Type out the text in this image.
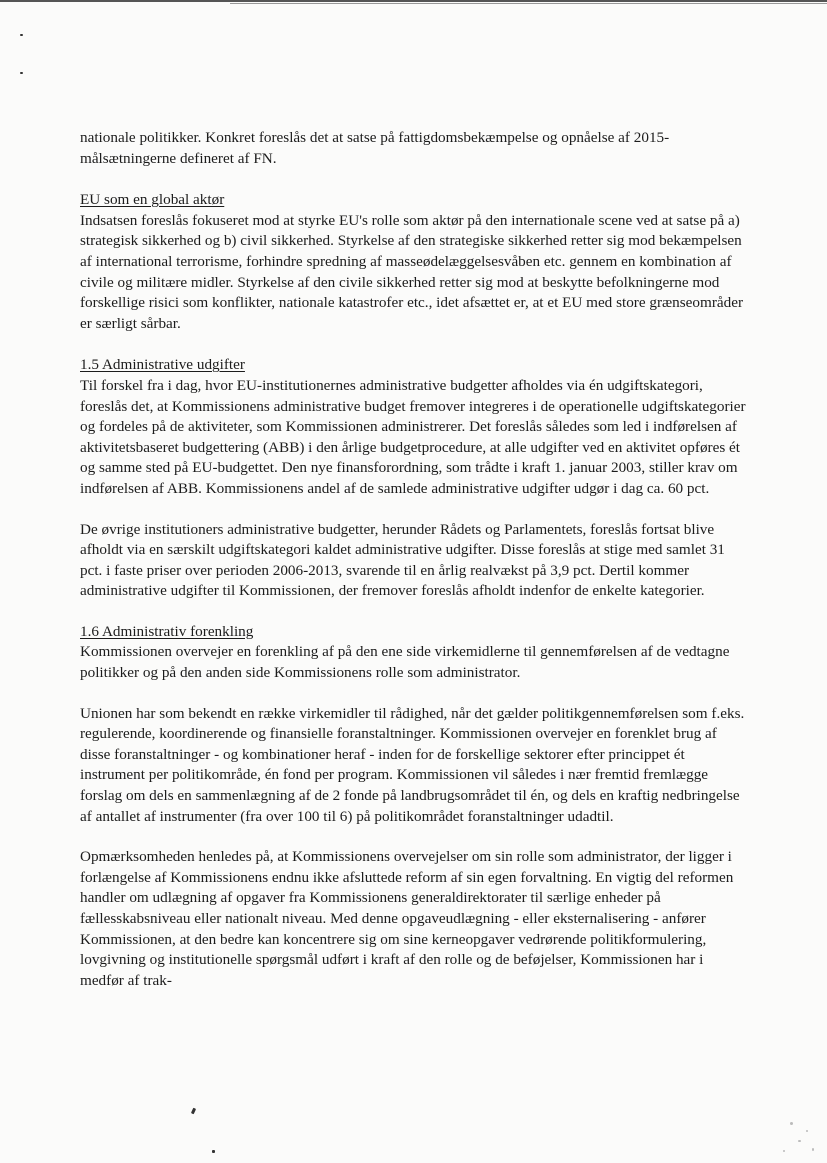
nationale politikker. Konkret foreslås det at satse på fattigdomsbekæmpelse og opnåelse af 2015-målsætningerne defineret af FN.

EU som en global aktør

Indsatsen foreslås fokuseret mod at styrke EU's rolle som aktør på den internationale scene ved at satse på a) strategisk sikkerhed og b) civil sikkerhed. Styrkelse af den strategiske sikkerhed retter sig mod bekæmpelsen af international terrorisme, forhindre spredning af masseødelæggelsesvåben etc. gennem en kombination af civile og militære midler. Styrkelse af den civile sikkerhed retter sig mod at beskytte befolkningerne mod forskellige risici som konflikter, nationale katastrofer etc., idet afsættet er, at et EU med store grænseområder er særligt sårbar.

1.5 Administrative udgifter

Til forskel fra i dag, hvor EU-institutionernes administrative budgetter afholdes via én udgiftskategori, foreslås det, at Kommissionens administrative budget fremover integreres i de operationelle udgiftskategorier og fordeles på de aktiviteter, som Kommissionen administrerer. Det foreslås således som led i indførelsen af aktivitetsbaseret budgettering (ABB) i den årlige budgetprocedure, at alle udgifter ved en aktivitet opføres ét og samme sted på EU-budgettet. Den nye finansforordning, som trådte i kraft 1. januar 2003, stiller krav om indførelsen af ABB. Kommissionens andel af de samlede administrative udgifter udgør i dag ca. 60 pct.

De øvrige institutioners administrative budgetter, herunder Rådets og Parlamentets, foreslås fortsat blive afholdt via en særskilt udgiftskategori kaldet administrative udgifter. Disse foreslås at stige med samlet 31 pct. i faste priser over perioden 2006-2013, svarende til en årlig realvækst på 3,9 pct. Dertil kommer administrative udgifter til Kommissionen, der fremover foreslås afholdt indenfor de enkelte kategorier.

1.6 Administrativ forenkling

Kommissionen overvejer en forenkling af på den ene side virkemidlerne til gennemførelsen af de vedtagne politikker og på den anden side Kommissionens rolle som administrator.

Unionen har som bekendt en række virkemidler til rådighed, når det gælder politikgennemførelsen som f.eks. regulerende, koordinerende og finansielle foranstaltninger. Kommissionen overvejer en forenklet brug af disse foranstaltninger - og kombinationer heraf - inden for de forskellige sektorer efter princippet ét instrument per politikområde, én fond per program. Kommissionen vil således i nær fremtid fremlægge forslag om dels en sammenlægning af de 2 fonde på landbrugsområdet til én, og dels en kraftig nedbringelse af antallet af instrumenter (fra over 100 til 6) på politikområdet foranstaltninger udadtil.

Opmærksomheden henledes på, at Kommissionens overvejelser om sin rolle som administrator, der ligger i forlængelse af Kommissionens endnu ikke afsluttede reform af sin egen forvaltning. En vigtig del reformen handler om udlægning af opgaver fra Kommissionens generaldirektorater til særlige enheder på fællesskabsniveau eller nationalt niveau. Med denne opgaveudlægning - eller eksternalisering - anfører Kommissionen, at den bedre kan koncentrere sig om sine kerneopgaver vedrørende politikformulering, lovgivning og institutionelle spørgsmål udført i kraft af den rolle og de beføjelser, Kommissionen har i medfør af trak-
